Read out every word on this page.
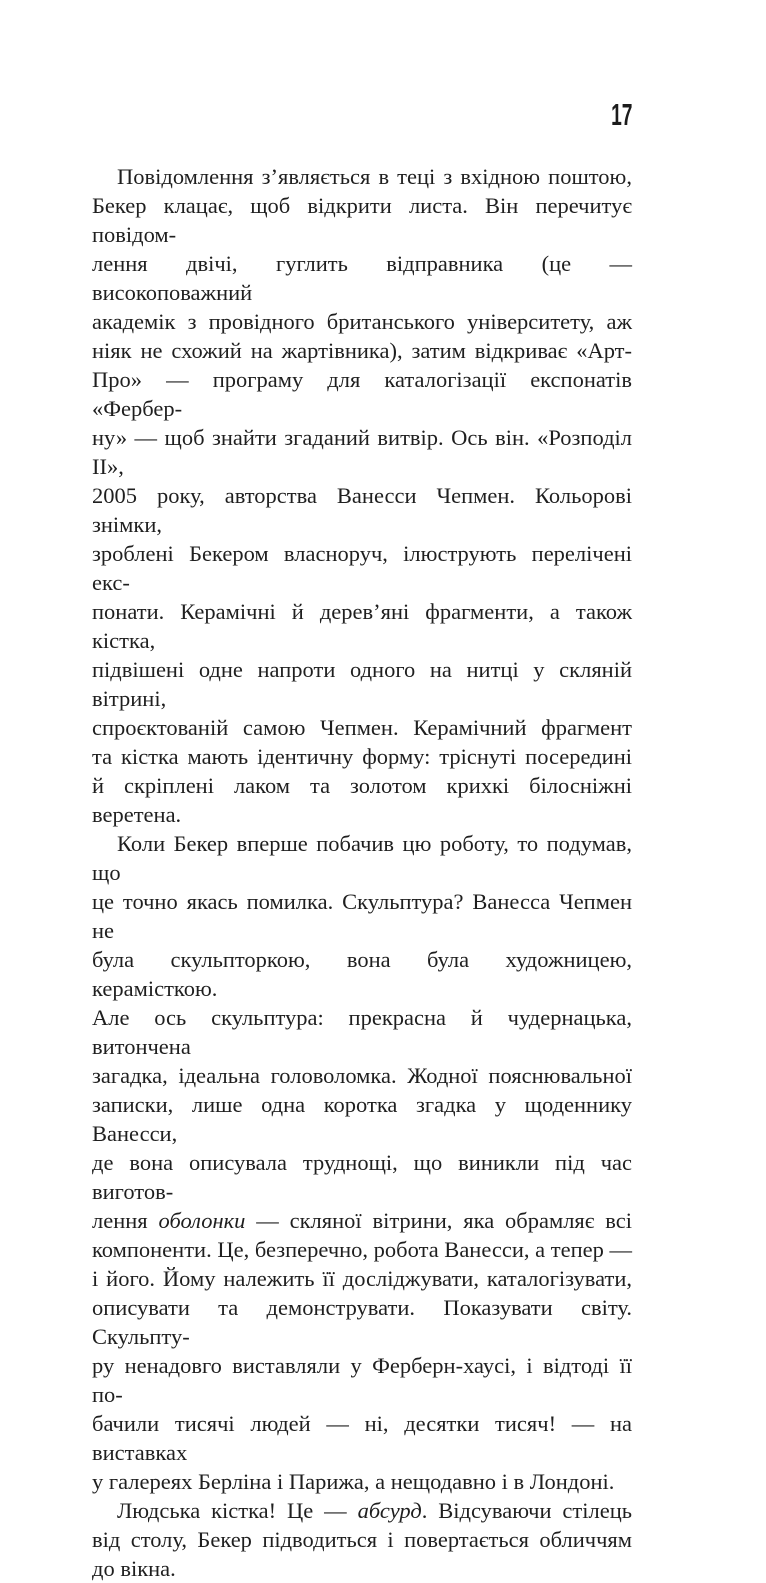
17
Повідомлення з’являється в теці з вхідною поштою,
Бекер клацає, щоб відкрити листа. Він перечитує повідом-
лення двічі, гуглить відправника (це — високоповажний
академік з провідного британського університету, аж
ніяк не схожий на жартівника), затим відкриває «Арт-
Про» — програму для каталогізації експонатів «Фербер-
ну» — щоб знайти згаданий витвір. Ось він. «Розподіл II»,
2005 року, авторства Ванесси Чепмен. Кольорові знімки,
зроблені Бекером власноруч, ілюструють перелічені екс-
понати. Керамічні й дерев’яні фрагменти, а також кістка,
підвішені одне напроти одного на нитці у скляній вітрині,
спроєктованій самою Чепмен. Керамічний фрагмент
та кістка мають ідентичну форму: тріснуті посередині
й скріплені лаком та золотом крихкі білосніжні веретена.
Коли Бекер вперше побачив цю роботу, то подумав, що
це точно якась помилка. Скульптура? Ванесса Чепмен не
була скульпторкою, вона була художницею, керамісткою.
Але ось скульптура: прекрасна й чудернацька, витончена
загадка, ідеальна головоломка. Жодної пояснювальної
записки, лише одна коротка згадка у щоденнику Ванесси,
де вона описувала труднощі, що виникли під час виготов-
лення оболонки — скляної вітрини, яка обрамляє всі
компоненти. Це, безперечно, робота Ванесси, а тепер —
і його. Йому належить її досліджувати, каталогізувати,
описувати та демонструвати. Показувати світу. Скульпту-
ру ненадовго виставляли у Ферберн-хаусі, і відтоді її по-
бачили тисячі людей — ні, десятки тисяч! — на виставках
у галереях Берліна і Парижа, а нещодавно і в Лондоні.
Людська кістка! Це — абсурд. Відсуваючи стілець
від столу, Бекер підводиться і повертається обличчям
до вікна.
